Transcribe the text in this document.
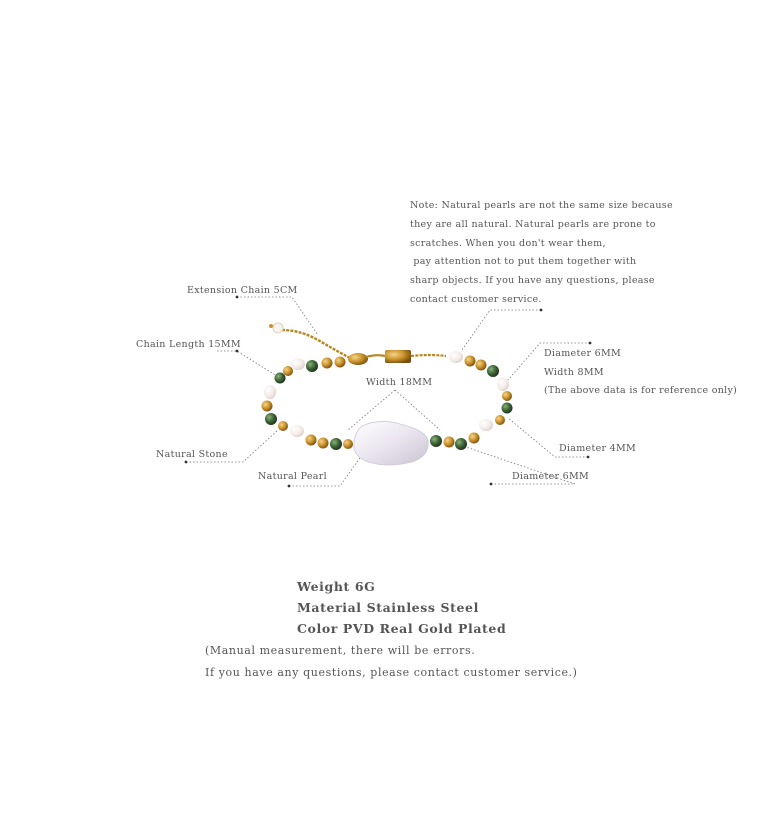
Note: Natural pearls are not the same size because
they are all natural. Natural pearls are prone to
scratches. When you don't wear them,
pay attention not to put them together with
sharp objects. If you have any questions, please
contact customer service.
Extension Chain 5CM
Chain Length 15MM
Natural Stone
Natural Pearl
Width 18MM
Diameter 6MM
Width 8MM
(The above data is for reference only)
Diameter 4MM
Diameter 6MM
Weight 6G
Material Stainless Steel
Color PVD Real Gold Plated
(Manual measurement, there will be errors.
If you have any questions, please contact customer service.)
